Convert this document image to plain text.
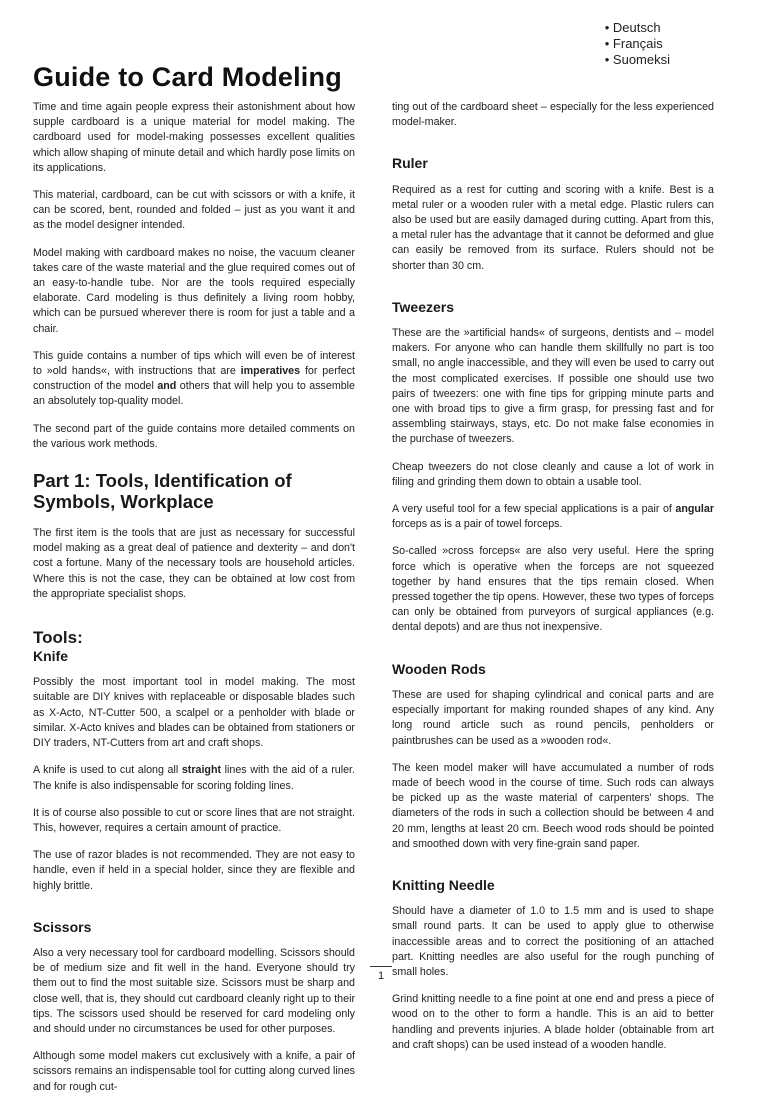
• Deutsch
• Français
• Suomeksi
Guide to Card Modeling

Time and time again people express their astonishment about how supple cardboard is a unique material for model making. The cardboard used for model-making possesses excellent qualities which allow shaping of minute detail and which hardly pose limits on its applications.

This material, cardboard, can be cut with scissors or with a knife, it can be scored, bent, rounded and folded – just as you want it and as the model designer intended.

Model making with cardboard makes no noise, the vacuum cleaner takes care of the waste material and the glue required comes out of an easy-to-handle tube. Nor are the tools required especially elaborate. Card modeling is thus definitely a living room hobby, which can be pursued wherever there is room for just a table and a chair.

This guide contains a number of tips which will even be of interest to »old hands«, with instructions that are imperatives for perfect construction of the model and others that will help you to assemble an absolutely top-quality model.

The second part of the guide contains more detailed comments on the various work methods.

Part 1: Tools, Identification of Symbols, Workplace

The first item is the tools that are just as necessary for successful model making as a great deal of patience and dexterity – and don't cost a fortune. Many of the necessary tools are household articles. Where this is not the case, they can be obtained at low cost from the appropriate specialist shops.

Tools:
Knife

Possibly the most important tool in model making. The most suitable are DIY knives with replaceable or disposable blades such as X-Acto, NT-Cutter 500, a scalpel or a penholder with blade or similar. X-Acto knives and blades can be obtained from stationers or DIY traders, NT-Cutters from art and craft shops.

A knife is used to cut along all straight lines with the aid of a ruler. The knife is also indispensable for scoring folding lines.

It is of course also possible to cut or score lines that are not straight. This, however, requires a certain amount of practice.

The use of razor blades is not recommended. They are not easy to handle, even if held in a special holder, since they are flexible and highly brittle.

Scissors

Also a very necessary tool for cardboard modelling. Scissors should be of medium size and fit well in the hand. Everyone should try them out to find the most suitable size. Scissors must be sharp and close well, that is, they should cut cardboard cleanly right up to their tips. The scissors used should be reserved for card modeling only and should under no circumstances be used for other purposes.

Although some model makers cut exclusively with a knife, a pair of scissors remains an indispensable tool for cutting along curved lines and for rough cut-

ting out of the cardboard sheet – especially for the less experienced model-maker.

Ruler

Required as a rest for cutting and scoring with a knife. Best is a metal ruler or a wooden ruler with a metal edge. Plastic rulers can also be used but are easily damaged during cutting. Apart from this, a metal ruler has the advantage that it cannot be deformed and glue can easily be removed from its surface. Rulers should not be shorter than 30 cm.

Tweezers

These are the »artificial hands« of surgeons, dentists and – model makers. For anyone who can handle them skillfully no part is too small, no angle inaccessible, and they will even be used to carry out the most complicated exercises. If possible one should use two pairs of tweezers: one with fine tips for gripping minute parts and one with broad tips to give a firm grasp, for pressing fast and for assembling stairways, stays, etc. Do not make false economies in the purchase of tweezers.

Cheap tweezers do not close cleanly and cause a lot of work in filing and grinding them down to obtain a usable tool.

A very useful tool for a few special applications is a pair of angular forceps as is a pair of towel forceps.

So-called »cross forceps« are also very useful. Here the spring force which is operative when the forceps are not squeezed together by hand ensures that the tips remain closed. When pressed together the tip opens. However, these two types of forceps can only be obtained from purveyors of surgical appliances (e.g. dental depots) and are thus not inexpensive.

Wooden Rods

These are used for shaping cylindrical and conical parts and are especially important for making rounded shapes of any kind. Any long round article such as round pencils, penholders or paintbrushes can be used as a »wooden rod«.

The keen model maker will have accumulated a number of rods made of beech wood in the course of time. Such rods can always be picked up as the waste material of carpenters' shops. The diameters of the rods in such a collection should be between 4 and 20 mm, lengths at least 20 cm. Beech wood rods should be pointed and smoothed down with very fine-grain sand paper.

Knitting Needle

Should have a diameter of 1.0 to 1.5 mm and is used to shape small round parts. It can be used to apply glue to otherwise inaccessible areas and to correct the positioning of an attached part. Knitting needles are also useful for the rough punching of small holes.

Grind knitting needle to a fine point at one end and press a piece of wood on to the other to form a handle. This is an aid to better handling and prevents injuries. A blade holder (obtainable from art and craft shops) can be used instead of a wooden handle.

1
